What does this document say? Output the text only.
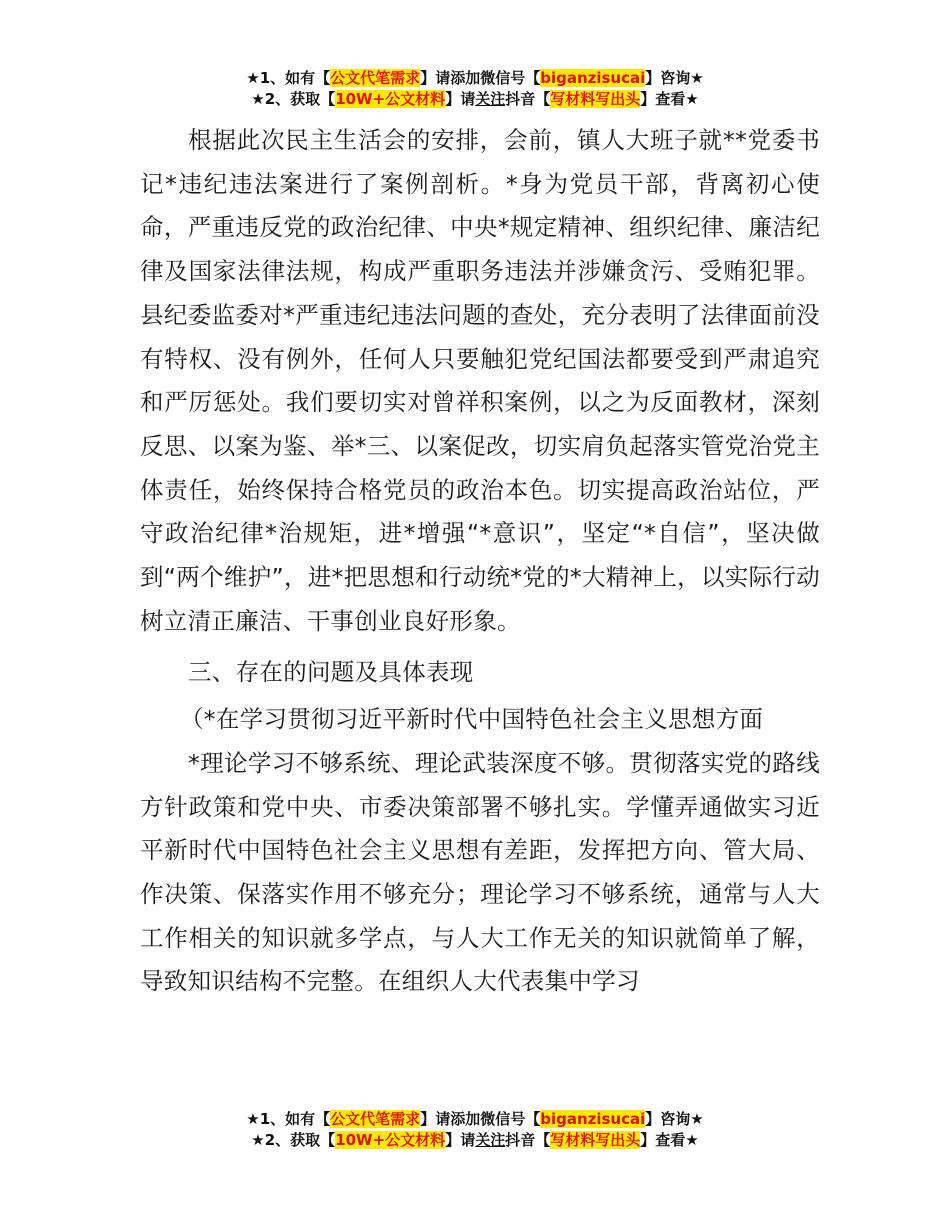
★1、如有【公文代笔需求】请添加微信号【biganzisucai】咨询★
★2、获取【10W+公文材料】请关注抖音【写材料写出头】查看★

根据此次民主生活会的安排，会前，镇人大班子就**党委书记*违纪违法案进行了案例剖析。*身为党员干部，背离初心使命，严重违反党的政治纪律、中央*规定精神、组织纪律、廉洁纪律及国家法律法规，构成严重职务违法并涉嫌贪污、受贿犯罪。县纪委监委对*严重违纪违法问题的查处，充分表明了法律面前没有特权、没有例外，任何人只要触犯党纪国法都要受到严肃追究和严厉惩处。我们要切实对曾祥积案例，以之为反面教材，深刻反思、以案为鉴、举*三、以案促改，切实肩负起落实管党治党主体责任，始终保持合格党员的政治本色。切实提高政治站位，严守政治纪律*治规矩，进*增强“*意识”，坚定“*自信”，坚决做到“两个维护”，进*把思想和行动统*党的*大精神上，以实际行动树立清正廉洁、干事创业良好形象。

三、存在的问题及具体表现

（*在学习贯彻习近平新时代中国特色社会主义思想方面

*理论学习不够系统、理论武装深度不够。贯彻落实党的路线方针政策和党中央、市委决策部署不够扎实。学懂弄通做实习近平新时代中国特色社会主义思想有差距，发挥把方向、管大局、作决策、保落实作用不够充分；理论学习不够系统，通常与人大工作相关的知识就多学点，与人大工作无关的知识就简单了解，导致知识结构不完整。在组织人大代表集中学习

★1、如有【公文代笔需求】请添加微信号【biganzisucai】咨询★
★2、获取【10W+公文材料】请关注抖音【写材料写出头】查看★
